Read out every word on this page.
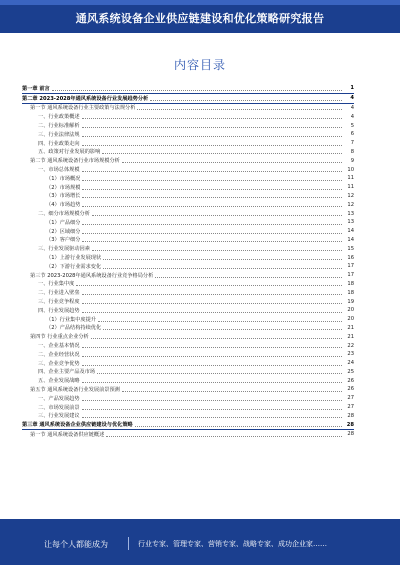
通风系统设备企业供应链建设和优化策略研究报告
内容目录
第一章 前言	1
第二章 2023-2028年通风系统设备行业发展趋势分析	4
第一节 通风系统设备行业主要政策与法规分析	4
一、行业政策概述	4
二、行业标准解析	5
三、行业法律法规	6
四、行业政策走向	7
五、政策对行业发展的影响	8
第二节 通风系统设备行业市场规模分析	9
一、市场总体规模	10
（1）市场概况	11
（2）市场规模	11
（3）市场增长	12
（4）市场趋势	12
二、细分市场规模分析	13
（1）产品细分	13
（2）区域细分	14
（3）客户细分	14
三、行业发展驱动因素	15
（1）上游行业发展现状	16
（2）下游行业需求变化	17
第三节 2023-2028年通风系统设备行业竞争格局分析	17
一、行业集中度	18
二、行业进入壁垒	18
三、行业竞争程度	19
四、行业发展趋势	20
（1）行业集中度提升	20
（2）产品结构持续优化	21
第四节 行业重点企业分析	21
一、企业基本情况	22
二、企业经营状况	23
三、企业竞争优势	24
四、企业主要产品及市场	25
五、企业发展战略	26
第五节 通风系统设备行业发展前景预测	26
一、产品发展趋势	27
二、市场发展前景	27
三、行业发展建议	28
第三章 通风系统设备企业供应链建设与优化策略	28
第一节 通风系统设备供应链概述	28
让每个人都能成为	行业专家、管理专家、营销专家、战略专家、成功企业家……
